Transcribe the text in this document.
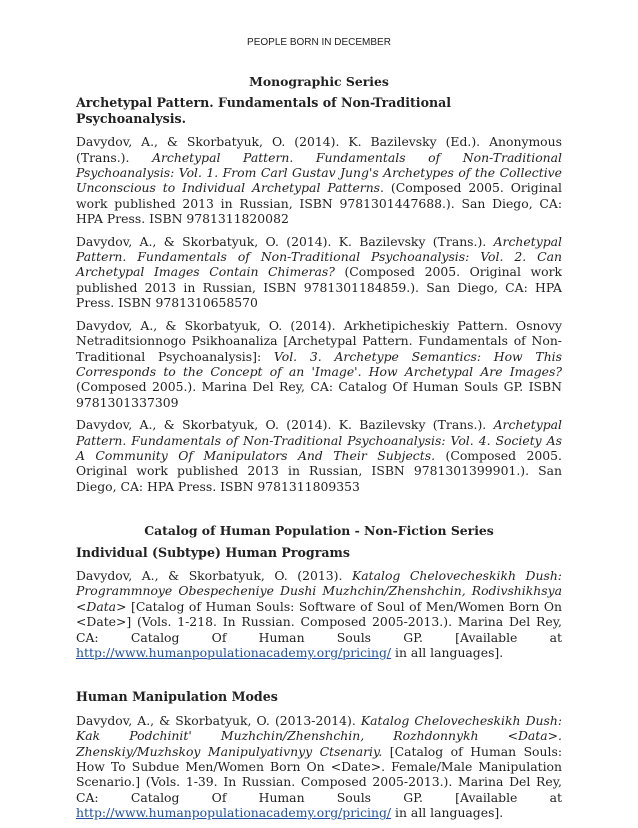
PEOPLE BORN IN DECEMBER
Monographic Series
Archetypal Pattern. Fundamentals of Non-Traditional Psychoanalysis.

Davydov, A., & Skorbatyuk, O. (2014). K. Bazilevsky (Ed.). Anonymous (Trans.). Archetypal Pattern. Fundamentals of Non-Traditional Psychoanalysis: Vol. 1. From Carl Gustav Jung's Archetypes of the Collective Unconscious to Individual Archetypal Patterns. (Composed 2005. Original work published 2013 in Russian, ISBN 9781301447688.). San Diego, CA: HPA Press. ISBN 9781311820082

Davydov, A., & Skorbatyuk, O. (2014). K. Bazilevsky (Trans.). Archetypal Pattern. Fundamentals of Non-Traditional Psychoanalysis: Vol. 2. Can Archetypal Images Contain Chimeras? (Composed 2005. Original work published 2013 in Russian, ISBN 9781301184859.). San Diego, CA: HPA Press. ISBN 9781310658570

Davydov, A., & Skorbatyuk, O. (2014). Arkhetipicheskiy Pattern. Osnovy Netraditsionnogo Psikhoanaliza [Archetypal Pattern. Fundamentals of Non-Traditional Psychoanalysis]: Vol. 3. Archetype Semantics: How This Corresponds to the Concept of an 'Image'. How Archetypal Are Images? (Composed 2005.). Marina Del Rey, CA: Catalog Of Human Souls GP. ISBN 9781301337309

Davydov, A., & Skorbatyuk, O. (2014). K. Bazilevsky (Trans.). Archetypal Pattern. Fundamentals of Non-Traditional Psychoanalysis: Vol. 4. Society As A Community Of Manipulators And Their Subjects. (Composed 2005. Original work published 2013 in Russian, ISBN 9781301399901.). San Diego, CA: HPA Press. ISBN 9781311809353

Catalog of Human Population - Non-Fiction Series
Individual (Subtype) Human Programs

Davydov, A., & Skorbatyuk, O. (2013). Katalog Chelovecheskikh Dush: Programmnoye Obespecheniye Dushi Muzhchin/Zhenshchin, Rodivshikhsya <Data> [Catalog of Human Souls: Software of Soul of Men/Women Born On <Date>] (Vols. 1-218. In Russian. Composed 2005-2013.). Marina Del Rey, CA: Catalog Of Human Souls GP. [Available at http://www.humanpopulationacademy.org/pricing/ in all languages].

Human Manipulation Modes

Davydov, A., & Skorbatyuk, O. (2013-2014). Katalog Chelovecheskikh Dush: Kak Podchinit' Muzhchin/Zhenshchin, Rozhdonnykh <Data>. Zhenskiy/Muzhskoy Manipulyativnyy Ctsenariy. [Catalog of Human Souls: How To Subdue Men/Women Born On <Date>. Female/Male Manipulation Scenario.] (Vols. 1-39. In Russian. Composed 2005-2013.). Marina Del Rey, CA: Catalog Of Human Souls GP. [Available at http://www.humanpopulationacademy.org/pricing/ in all languages].
